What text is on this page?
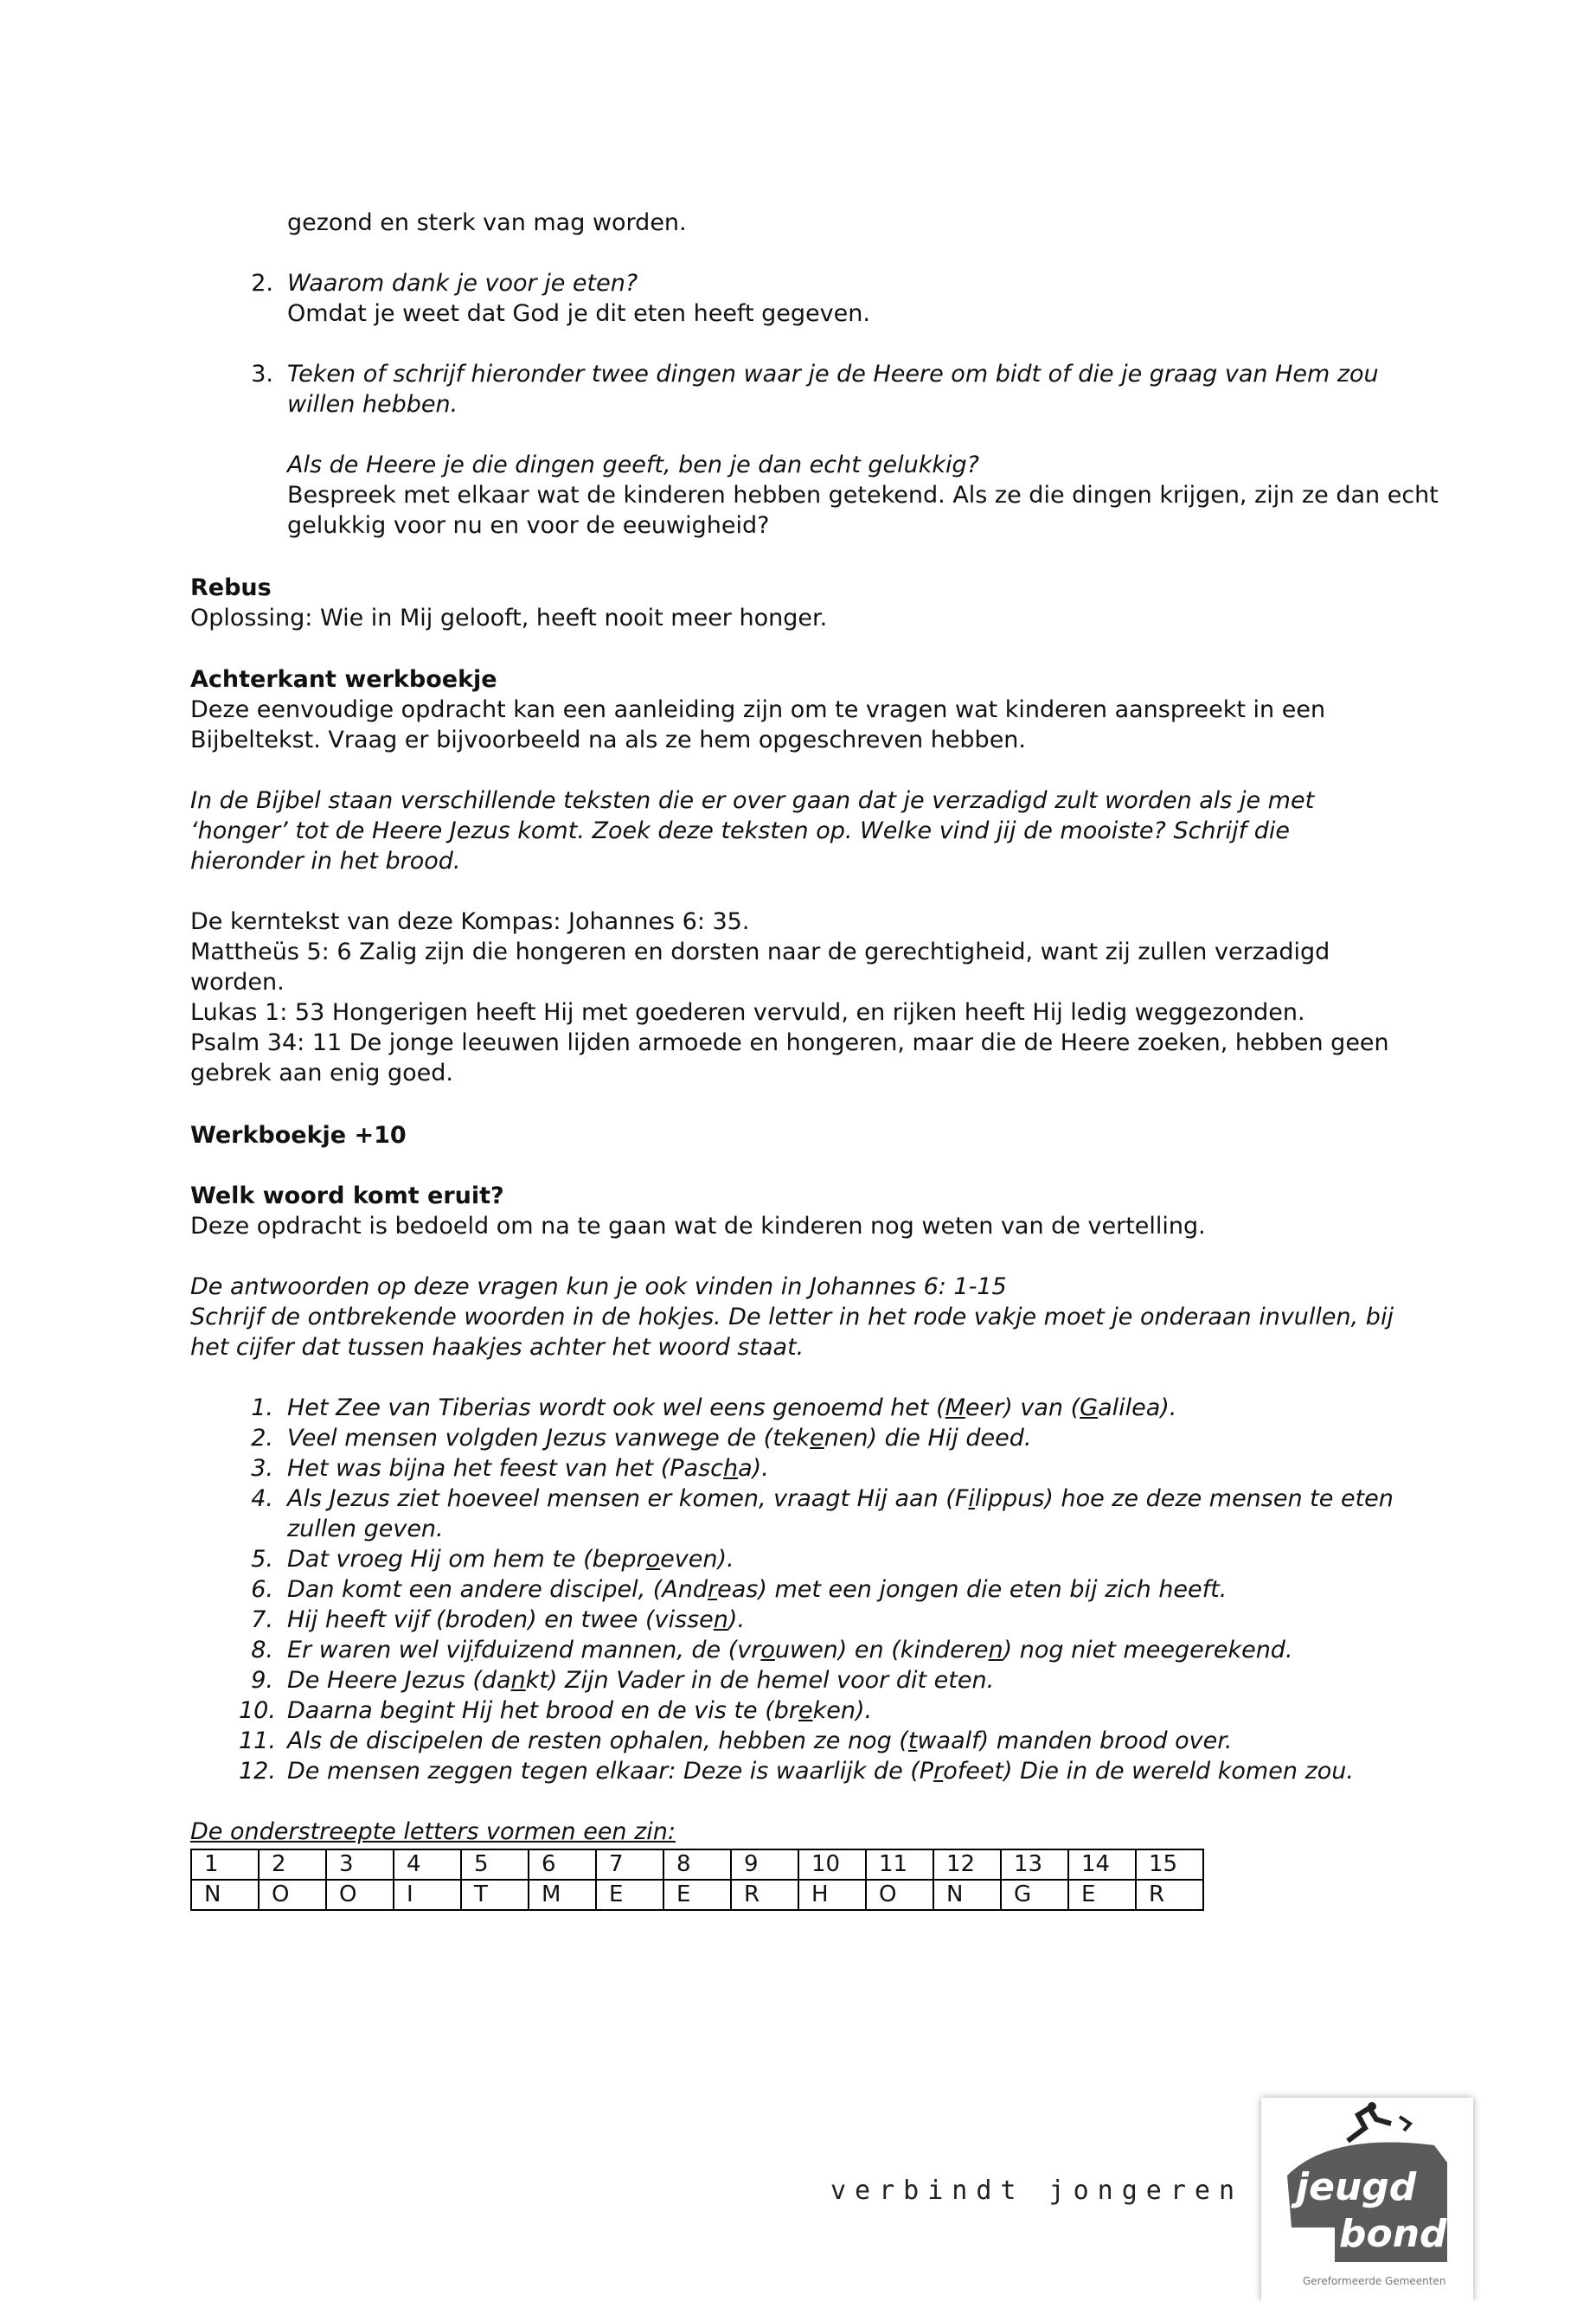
gezond en sterk van mag worden.

2. Waarom dank je voor je eten?

Omdat je weet dat God je dit eten heeft gegeven.

3. Teken of schrijf hieronder twee dingen waar je de Heere om bidt of die je graag van Hem zou willen hebben.

Als de Heere je die dingen geeft, ben je dan echt gelukkig?

Bespreek met elkaar wat de kinderen hebben getekend. Als ze die dingen krijgen, zijn ze dan echt gelukkig voor nu en voor de eeuwigheid?

Rebus

Oplossing: Wie in Mij gelooft, heeft nooit meer honger.

Achterkant werkboekje

Deze eenvoudige opdracht kan een aanleiding zijn om te vragen wat kinderen aanspreekt in een Bijbeltekst. Vraag er bijvoorbeeld na als ze hem opgeschreven hebben.

In de Bijbel staan verschillende teksten die er over gaan dat je verzadigd zult worden als je met ‘honger’ tot de Heere Jezus komt. Zoek deze teksten op. Welke vind jij de mooiste? Schrijf die hieronder in het brood.

De kerntekst van deze Kompas: Johannes 6: 35.

Mattheüs 5: 6 Zalig zijn die hongeren en dorsten naar de gerechtigheid, want zij zullen verzadigd worden.

Lukas 1: 53 Hongerigen heeft Hij met goederen vervuld, en rijken heeft Hij ledig weggezonden.

Psalm 34: 11 De jonge leeuwen lijden armoede en hongeren, maar die de Heere zoeken, hebben geen gebrek aan enig goed.

Werkboekje +10

Welk woord komt eruit?

Deze opdracht is bedoeld om na te gaan wat de kinderen nog weten van de vertelling.

De antwoorden op deze vragen kun je ook vinden in Johannes 6: 1-15

Schrijf de ontbrekende woorden in de hokjes. De letter in het rode vakje moet je onderaan invullen, bij het cijfer dat tussen haakjes achter het woord staat.

1. Het Zee van Tiberias wordt ook wel eens genoemd het (Meer) van (Galilea).
2. Veel mensen volgden Jezus vanwege de (tekenen) die Hij deed.
3. Het was bijna het feest van het (Pascha).
4. Als Jezus ziet hoeveel mensen er komen, vraagt Hij aan (Filippus) hoe ze deze mensen te eten zullen geven.
5. Dat vroeg Hij om hem te (beproeven).
6. Dan komt een andere discipel, (Andreas) met een jongen die eten bij zich heeft.
7. Hij heeft vijf (broden) en twee (vissen).
8. Er waren wel vijfduizend mannen, de (vrouwen) en (kinderen) nog niet meegerekend.
9. De Heere Jezus (dankt) Zijn Vader in de hemel voor dit eten.
10. Daarna begint Hij het brood en de vis te (breken).
11. Als de discipelen de resten ophalen, hebben ze nog (twaalf) manden brood over.
12. De mensen zeggen tegen elkaar: Deze is waarlijk de (Profeet) Die in de wereld komen zou.

De onderstreepte letters vormen een zin:

1	2	3	4	5	6	7	8	9	10	11	12	13	14	15
N	O	O	I	T	M	E	E	R	H	O	N	G	E	R
verbindt jongeren jeugd
bond
Gereformeerde Gemeenten
